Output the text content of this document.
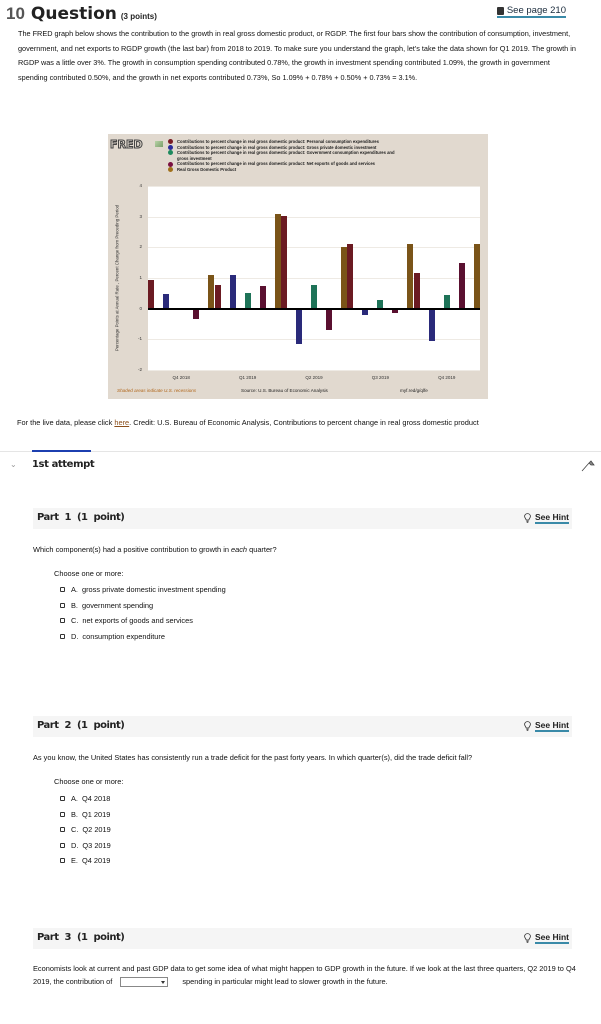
10 Question (3 points)
See page 210

The FRED graph below shows the contribution to the growth in real gross domestic product, or RGDP. The first four bars show the contribution of consumption, investment, government, and net exports to RGDP growth (the last bar) from 2018 to 2019. To make sure you understand the graph, let's take the data shown for Q1 2019. The growth in RGDP was a little over 3%. The growth in consumption spending contributed 0.78%, the growth in investment spending contributed 1.09%, the growth in government spending contributed 0.50%, and the growth in net exports contributed 0.73%, So 1.09% + 0.78% + 0.50% + 0.73% = 3.1%.

FRED	Contributions to percent change in real gross domestic product: Personal consumption expenditures
Contributions to percent change in real gross domestic product: Gross private domestic investment
Contributions to percent change in real gross domestic product: Government consumption expenditures and
gross investment
Contributions to percent change in real gross domestic product: Net exports of goods and services
Real Gross Domestic Product
Percentage Points at Annual Rate , Percent Change from Preceding Period
4
3
2
1
0
-1
-2
Q4 2018	Q1 2019	Q2 2019	Q3 2019	Q4 2019
Shaded areas indicate U.S. recessions	Source: U.S. Bureau of Economic Analysis	myf.red/g/qlfe

For the live data, please click here. Credit: U.S. Bureau of Economic Analysis, Contributions to percent change in real gross domestic product

⌄	1st attempt
Part 1 (1 point)	See Hint

Which component(s) had a positive contribution to growth in each quarter?

Choose one or more:

A. gross private domestic investment spending
B. government spending
C. net exports of goods and services
D. consumption expenditure
Part 2 (1 point)	See Hint

As you know, the United States has consistently run a trade deficit for the past forty years. In which quarter(s), did the trade deficit fall?

Choose one or more:

A. Q4 2018
B. Q1 2019
C. Q2 2019
D. Q3 2019
E. Q4 2019
Part 3 (1 point)	See Hint

Economists look at current and past GDP data to get some idea of what might happen to GDP growth in the future. If we look at the last three quarters, Q2 2019 to Q4 2019, the contribution of	spending in particular might lead to slower growth in the future.
